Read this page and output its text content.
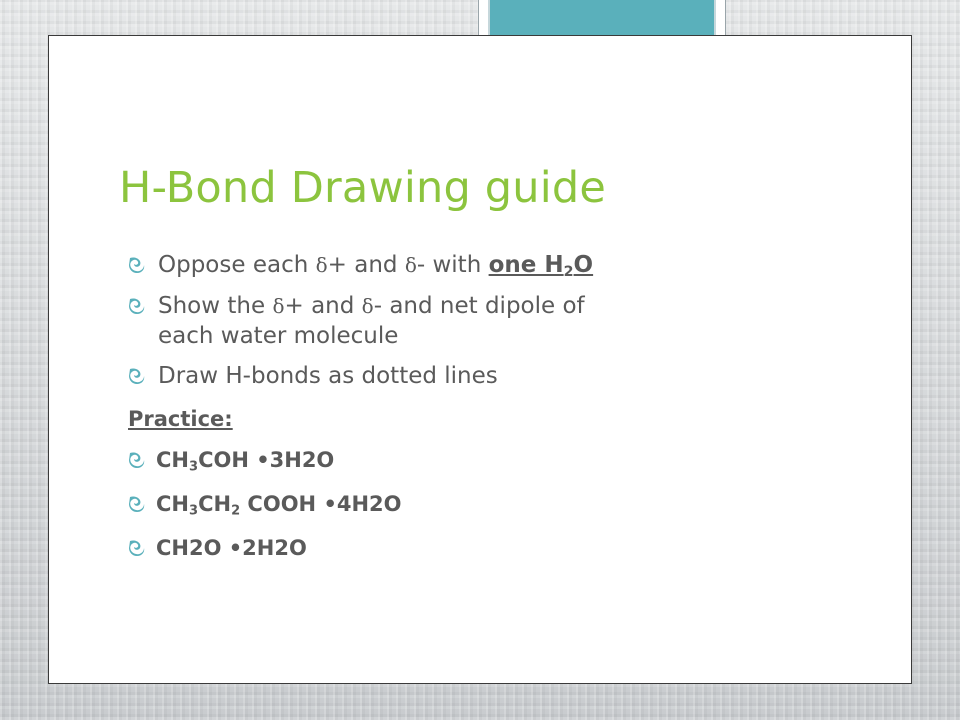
H-Bond Drawing guide
Oppose each δ+ and δ- with one $H_2O$
Show the δ+ and δ- and net dipole of
each water molecule
Draw H-bonds as dotted lines
Practice:
$CH_3COH$ •3H2O
$CH_3CH_2$ COOH •4H2O
CH2O •2H2O
